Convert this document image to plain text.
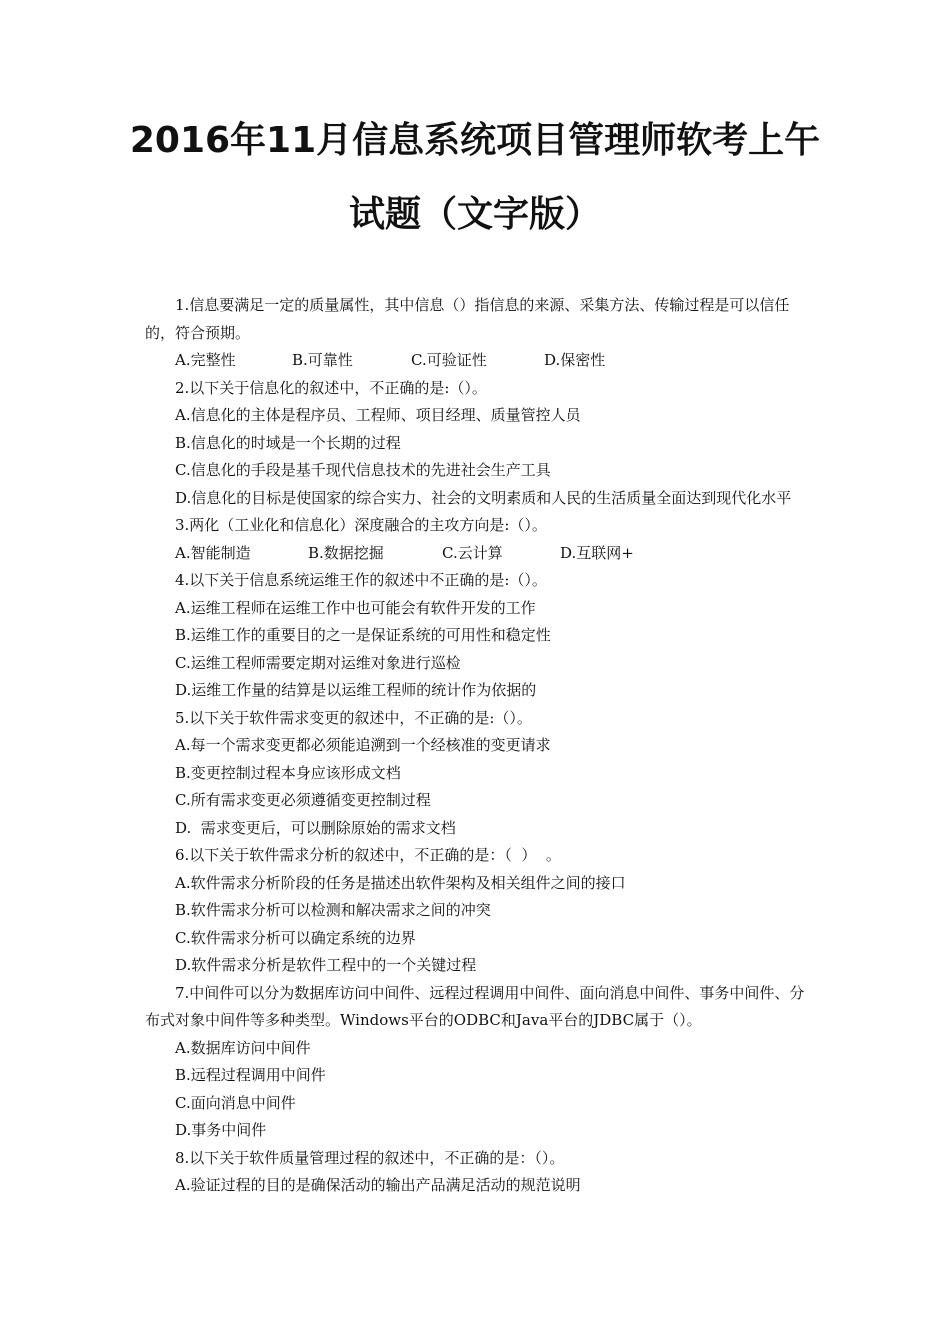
2016年11月信息系统项目管理师软考上午
试题（文字版）

1.信息要满足一定的质量属性，其中信息（）指信息的来源、采集方法、传输过程是可以信任的，符合预期。

A.完整性	B.可靠性	C.可验证性	D.保密性

2.以下关于信息化的叙述中，不正确的是:（）。

A.信息化的主体是程序员、工程师、项目经理、质量管控人员

B.信息化的时域是一个长期的过程

C.信息化的手段是基千现代信息技术的先进社会生产工具

D.信息化的目标是使国家的综合实力、社会的文明素质和人民的生活质量全面达到现代化水平

3.两化（工业化和信息化）深度融合的主攻方向是:（）。

A.智能制造	B.数据挖掘	C.云计算	D.互联网+

4.以下关于信息系统运维王作的叙述中不正确的是:（）。

A.运维工程师在运维工作中也可能会有软件开发的工作

B.运维工作的重要目的之一是保证系统的可用性和稳定性

C.运维工程师需要定期对运维对象进行巡检

D.运维工作量的结算是以运维工程师的统计作为依据的

5.以下关于软件需求变更的叙述中，不正确的是:（）。

A.每一个需求变更都必须能追溯到一个经核准的变更请求

B.变更控制过程本身应该形成文档

C.所有需求变更必须遵循变更控制过程

D.  需求变更后，可以删除原始的需求文档

6.以下关于软件需求分析的叙述中，不正确的是：（  ）  。

A.软件需求分析阶段的任务是描述出软件架构及相关组件之间的接口

B.软件需求分析可以检测和解决需求之间的冲突

C.软件需求分析可以确定系统的边界

D.软件需求分析是软件工程中的一个关键过程

7.中间件可以分为数据库访问中间件、远程过程调用中间件、面向消息中间件、事务中间件、分布式对象中间件等多种类型。Windows平台的ODBC和Java平台的JDBC属于（）。

A.数据库访问中间件

B.远程过程调用中间件

C.面向消息中间件

D.事务中间件

8.以下关于软件质量管理过程的叙述中，不正确的是：（）。

A.验证过程的目的是确保活动的输出产品满足活动的规范说明
